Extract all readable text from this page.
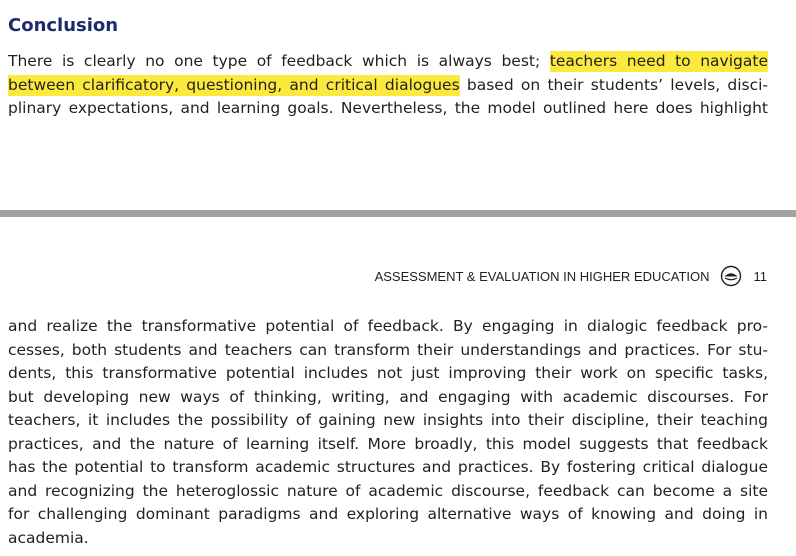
Conclusion

There is clearly no one type of feedback which is always best; teachers need to navigate
between clarificatory, questioning, and critical dialogues based on their students’ levels, disci-
plinary expectations, and learning goals. Nevertheless, the model outlined here does highlight

ASSESSMENT & EVALUATION IN HIGHER EDUCATION	11

and realize the transformative potential of feedback. By engaging in dialogic feedback pro-
cesses, both students and teachers can transform their understandings and practices. For stu-
dents, this transformative potential includes not just improving their work on specific tasks,
but developing new ways of thinking, writing, and engaging with academic discourses. For
teachers, it includes the possibility of gaining new insights into their discipline, their teaching
practices, and the nature of learning itself. More broadly, this model suggests that feedback
has the potential to transform academic structures and practices. By fostering critical dialogue
and recognizing the heteroglossic nature of academic discourse, feedback can become a site
for challenging dominant paradigms and exploring alternative ways of knowing and doing in
academia.
